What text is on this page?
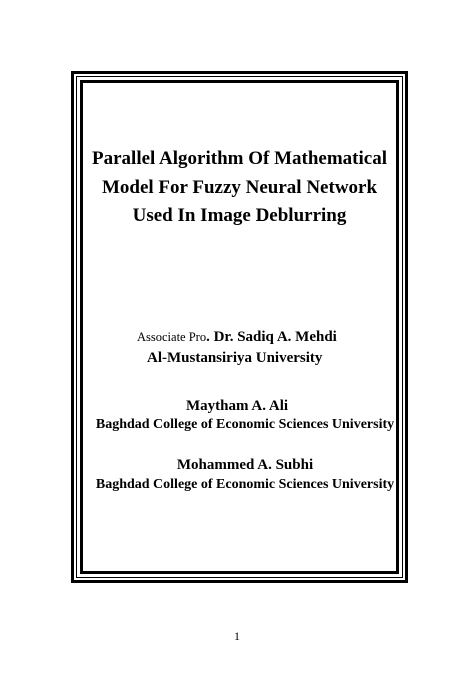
Parallel Algorithm Of Mathematical
Model For Fuzzy Neural Network
Used In Image Deblurring
Associate Pro. Dr. Sadiq A. Mehdi
Al-Mustansiriya University
Maytham A. Ali
Baghdad College of Economic Sciences University
Mohammed A. Subhi
Baghdad College of Economic Sciences University
1
